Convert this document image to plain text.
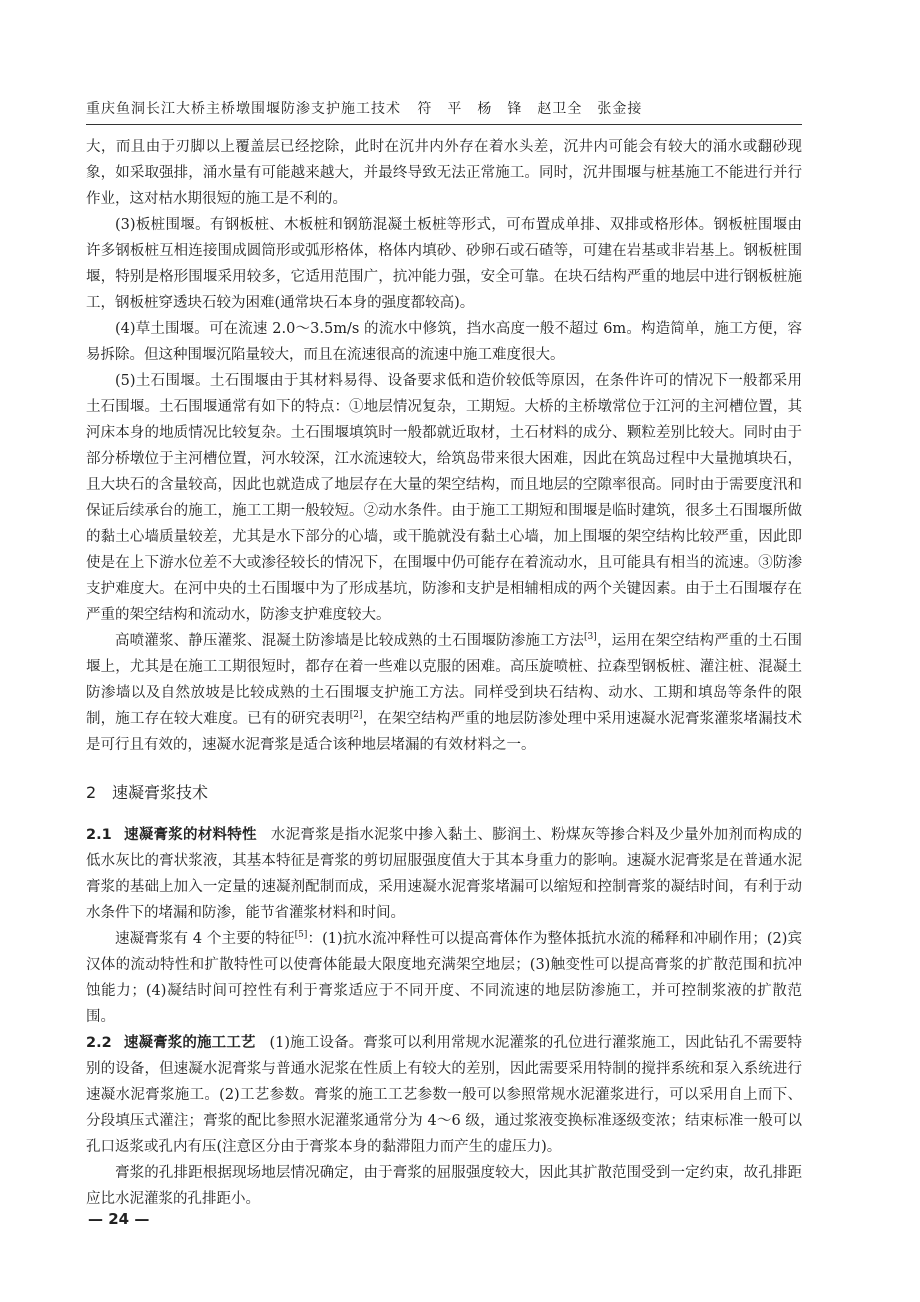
重庆鱼洞长江大桥主桥墩围堰防渗支护施工技术 符　平　杨　锋　赵卫全　张金接

大，而且由于刃脚以上覆盖层已经挖除，此时在沉井内外存在着水头差，沉井内可能会有较大的涌水或翻砂现象，如采取强排，涌水量有可能越来越大，并最终导致无法正常施工。同时，沉井围堰与桩基施工不能进行并行作业，这对枯水期很短的施工是不利的。

(3)板桩围堰。有钢板桩、木板桩和钢筋混凝土板桩等形式，可布置成单排、双排或格形体。钢板桩围堰由许多钢板桩互相连接围成圆筒形或弧形格体，格体内填砂、砂卵石或石碴等，可建在岩基或非岩基上。钢板桩围堰，特别是格形围堰采用较多，它适用范围广，抗冲能力强，安全可靠。在块石结构严重的地层中进行钢板桩施工，钢板桩穿透块石较为困难(通常块石本身的强度都较高)。

(4)草土围堰。可在流速 2.0～3.5m/s 的流水中修筑，挡水高度一般不超过 6m。构造简单，施工方便，容易拆除。但这种围堰沉陷量较大，而且在流速很高的流速中施工难度很大。

(5)土石围堰。土石围堰由于其材料易得、设备要求低和造价较低等原因，在条件许可的情况下一般都采用土石围堰。土石围堰通常有如下的特点：①地层情况复杂，工期短。大桥的主桥墩常位于江河的主河槽位置，其河床本身的地质情况比较复杂。土石围堰填筑时一般都就近取材，土石材料的成分、颗粒差别比较大。同时由于部分桥墩位于主河槽位置，河水较深，江水流速较大，给筑岛带来很大困难，因此在筑岛过程中大量抛填块石，且大块石的含量较高，因此也就造成了地层存在大量的架空结构，而且地层的空隙率很高。同时由于需要度汛和保证后续承台的施工，施工工期一般较短。②动水条件。由于施工工期短和围堰是临时建筑，很多土石围堰所做的黏土心墙质量较差，尤其是水下部分的心墙，或干脆就没有黏土心墙，加上围堰的架空结构比较严重，因此即使是在上下游水位差不大或渗径较长的情况下，在围堰中仍可能存在着流动水，且可能具有相当的流速。③防渗支护难度大。在河中央的土石围堰中为了形成基坑，防渗和支护是相辅相成的两个关键因素。由于土石围堰存在严重的架空结构和流动水，防渗支护难度较大。

高喷灌浆、静压灌浆、混凝土防渗墙是比较成熟的土石围堰防渗施工方法[3]，运用在架空结构严重的土石围堰上，尤其是在施工工期很短时，都存在着一些难以克服的困难。高压旋喷桩、拉森型钢板桩、灌注桩、混凝土防渗墙以及自然放坡是比较成熟的土石围堰支护施工方法。同样受到块石结构、动水、工期和填岛等条件的限制，施工存在较大难度。已有的研究表明[2]，在架空结构严重的地层防渗处理中采用速凝水泥膏浆灌浆堵漏技术是可行且有效的，速凝水泥膏浆是适合该种地层堵漏的有效材料之一。

2 速凝膏浆技术

2.1 速凝膏浆的材料特性 水泥膏浆是指水泥浆中掺入黏土、膨润土、粉煤灰等掺合料及少量外加剂而构成的低水灰比的膏状浆液，其基本特征是膏浆的剪切屈服强度值大于其本身重力的影响。速凝水泥膏浆是在普通水泥膏浆的基础上加入一定量的速凝剂配制而成，采用速凝水泥膏浆堵漏可以缩短和控制膏浆的凝结时间，有利于动水条件下的堵漏和防渗，能节省灌浆材料和时间。

速凝膏浆有 4 个主要的特征[5]：(1)抗水流冲释性可以提高膏体作为整体抵抗水流的稀释和冲刷作用；(2)宾汉体的流动特性和扩散特性可以使膏体能最大限度地充满架空地层；(3)触变性可以提高膏浆的扩散范围和抗冲蚀能力；(4)凝结时间可控性有利于膏浆适应于不同开度、不同流速的地层防渗施工，并可控制浆液的扩散范围。

2.2 速凝膏浆的施工工艺 (1)施工设备。膏浆可以利用常规水泥灌浆的孔位进行灌浆施工，因此钻孔不需要特别的设备，但速凝水泥膏浆与普通水泥浆在性质上有较大的差别，因此需要采用特制的搅拌系统和泵入系统进行速凝水泥膏浆施工。(2)工艺参数。膏浆的施工工艺参数一般可以参照常规水泥灌浆进行，可以采用自上而下、分段填压式灌注；膏浆的配比参照水泥灌浆通常分为 4～6 级，通过浆液变换标准逐级变浓；结束标准一般可以孔口返浆或孔内有压(注意区分由于膏浆本身的黏滞阻力而产生的虚压力)。

膏浆的孔排距根据现场地层情况确定，由于膏浆的屈服强度较大，因此其扩散范围受到一定约束，故孔排距应比水泥灌浆的孔排距小。

— 24 —
